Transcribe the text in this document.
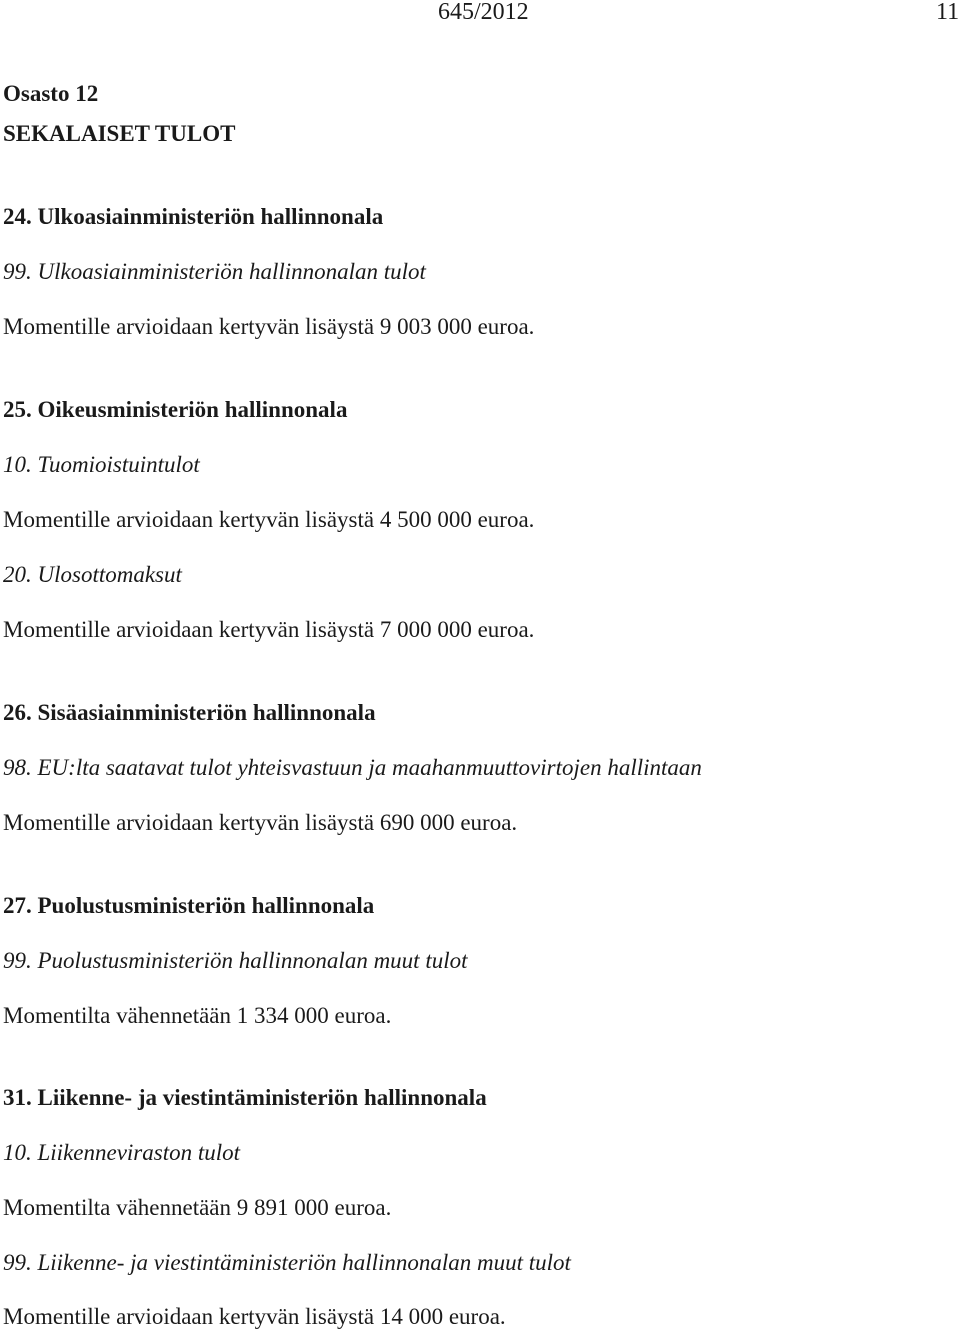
645/2012	11
Osasto 12
SEKALAISET TULOT
24. Ulkoasiainministeriön hallinnonala
99. Ulkoasiainministeriön hallinnonalan tulot
Momentille arvioidaan kertyvän lisäystä 9 003 000 euroa.
25. Oikeusministeriön hallinnonala
10. Tuomioistuintulot
Momentille arvioidaan kertyvän lisäystä 4 500 000 euroa.
20. Ulosottomaksut
Momentille arvioidaan kertyvän lisäystä 7 000 000 euroa.
26. Sisäasiainministeriön hallinnonala
98. EU:lta saatavat tulot yhteisvastuun ja maahanmuuttovirtojen hallintaan
Momentille arvioidaan kertyvän lisäystä 690 000 euroa.
27. Puolustusministeriön hallinnonala
99. Puolustusministeriön hallinnonalan muut tulot
Momentilta vähennetään 1 334 000 euroa.
31. Liikenne- ja viestintäministeriön hallinnonala
10. Liikenneviraston tulot
Momentilta vähennetään 9 891 000 euroa.
99. Liikenne- ja viestintäministeriön hallinnonalan muut tulot
Momentille arvioidaan kertyvän lisäystä 14 000 euroa.
